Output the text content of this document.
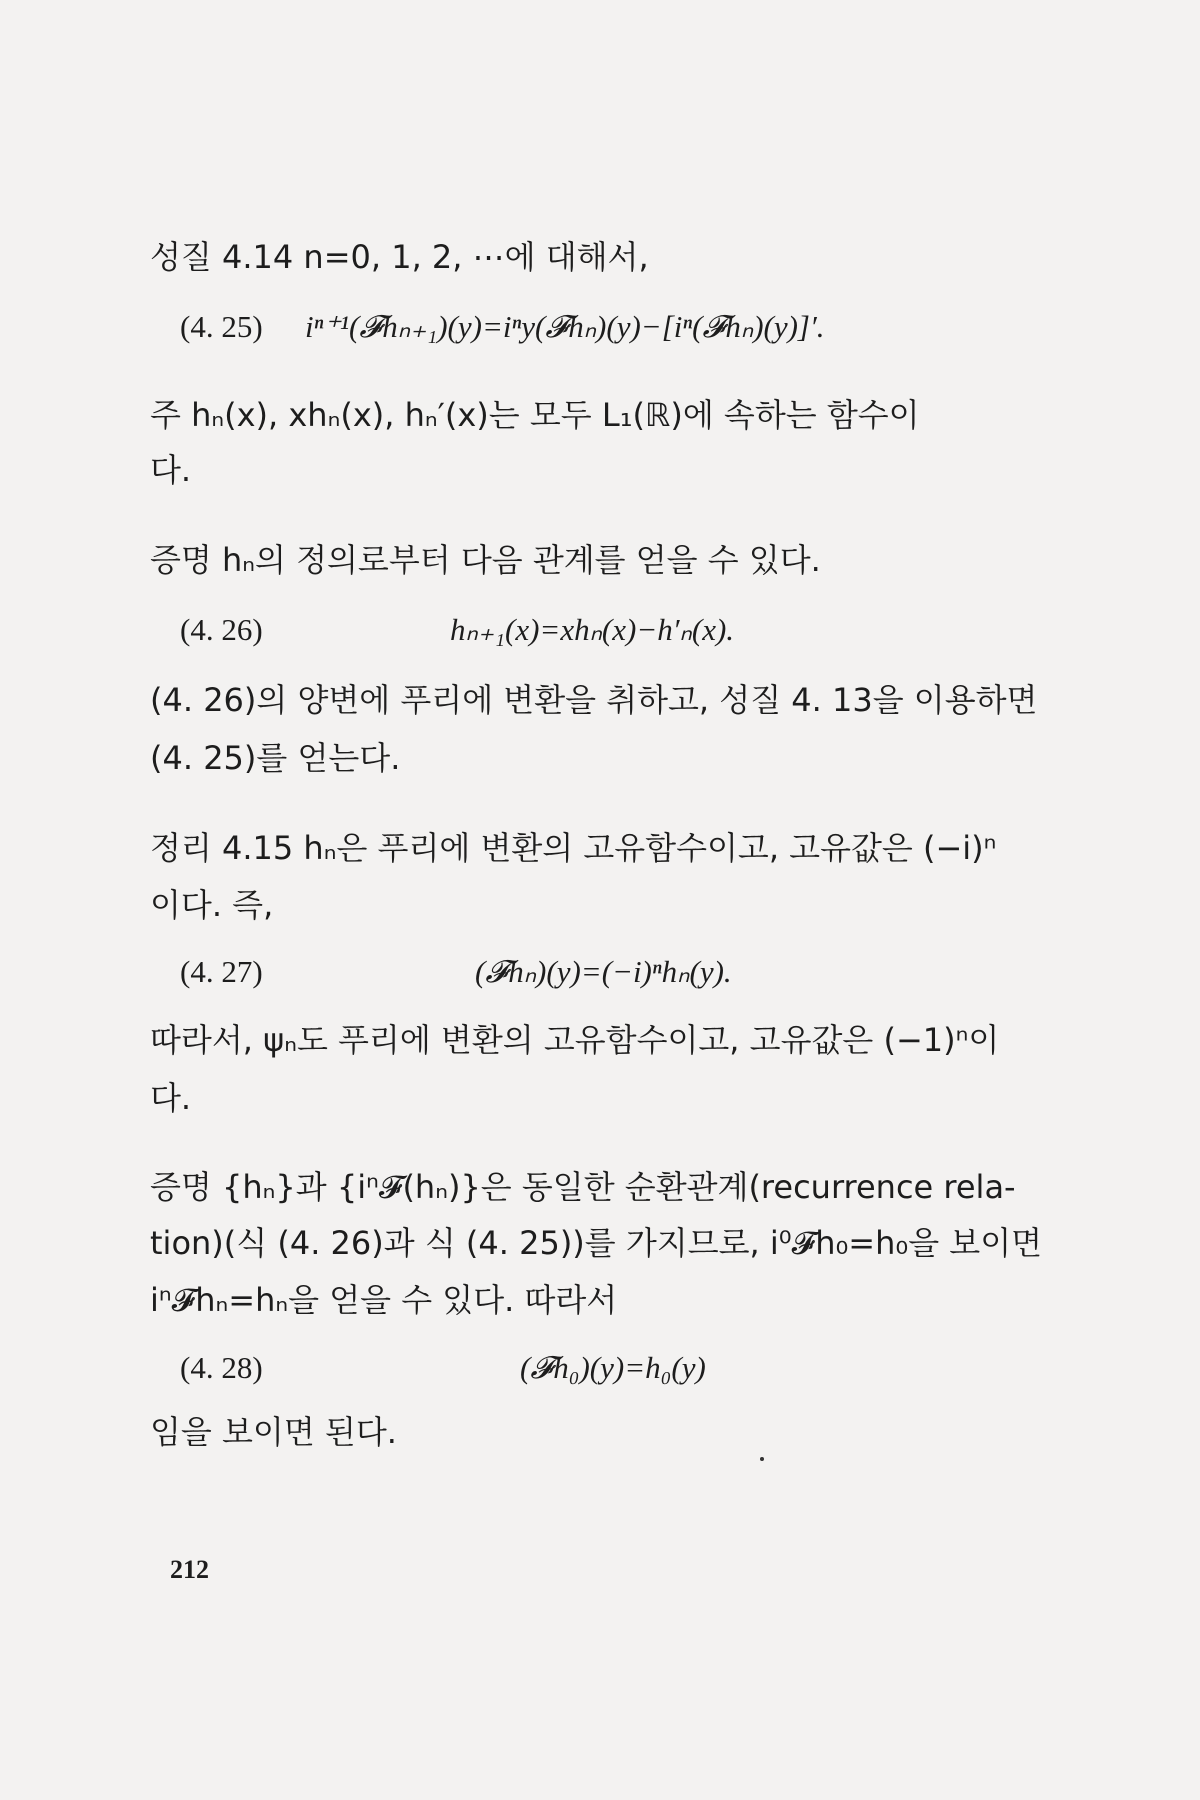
성질 4.14 n=0, 1, 2, ⋯에 대해서,
(4. 25) iⁿ⁺¹(𝓕hₙ₊₁)(y)=iⁿy(𝓕hₙ)(y)−[iⁿ(𝓕hₙ)(y)]′.
주 hₙ(x), xhₙ(x), hₙ′(x)는 모두 L₁(ℝ)에 속하는 함수이
다.
증명 hₙ의 정의로부터 다음 관계를 얻을 수 있다.
(4. 26)	hₙ₊₁(x)=xhₙ(x)−h′ₙ(x).
(4. 26)의 양변에 푸리에 변환을 취하고, 성질 4. 13을 이용하면
(4. 25)를 얻는다.
정리 4.15 hₙ은 푸리에 변환의 고유함수이고, 고유값은 (−i)ⁿ
이다. 즉,
(4. 27)	(𝓕hₙ)(y)=(−i)ⁿhₙ(y).
따라서, ψₙ도 푸리에 변환의 고유함수이고, 고유값은 (−1)ⁿ이
다.
증명 {hₙ}과 {iⁿ𝓕(hₙ)}은 동일한 순환관계(recurrence rela-
tion)(식 (4. 26)과 식 (4. 25))를 가지므로, i⁰𝓕h₀=h₀을 보이면
iⁿ𝓕hₙ=hₙ을 얻을 수 있다. 따라서
(4. 28)	(𝓕h₀)(y)=h₀(y)
임을 보이면 된다.
212
